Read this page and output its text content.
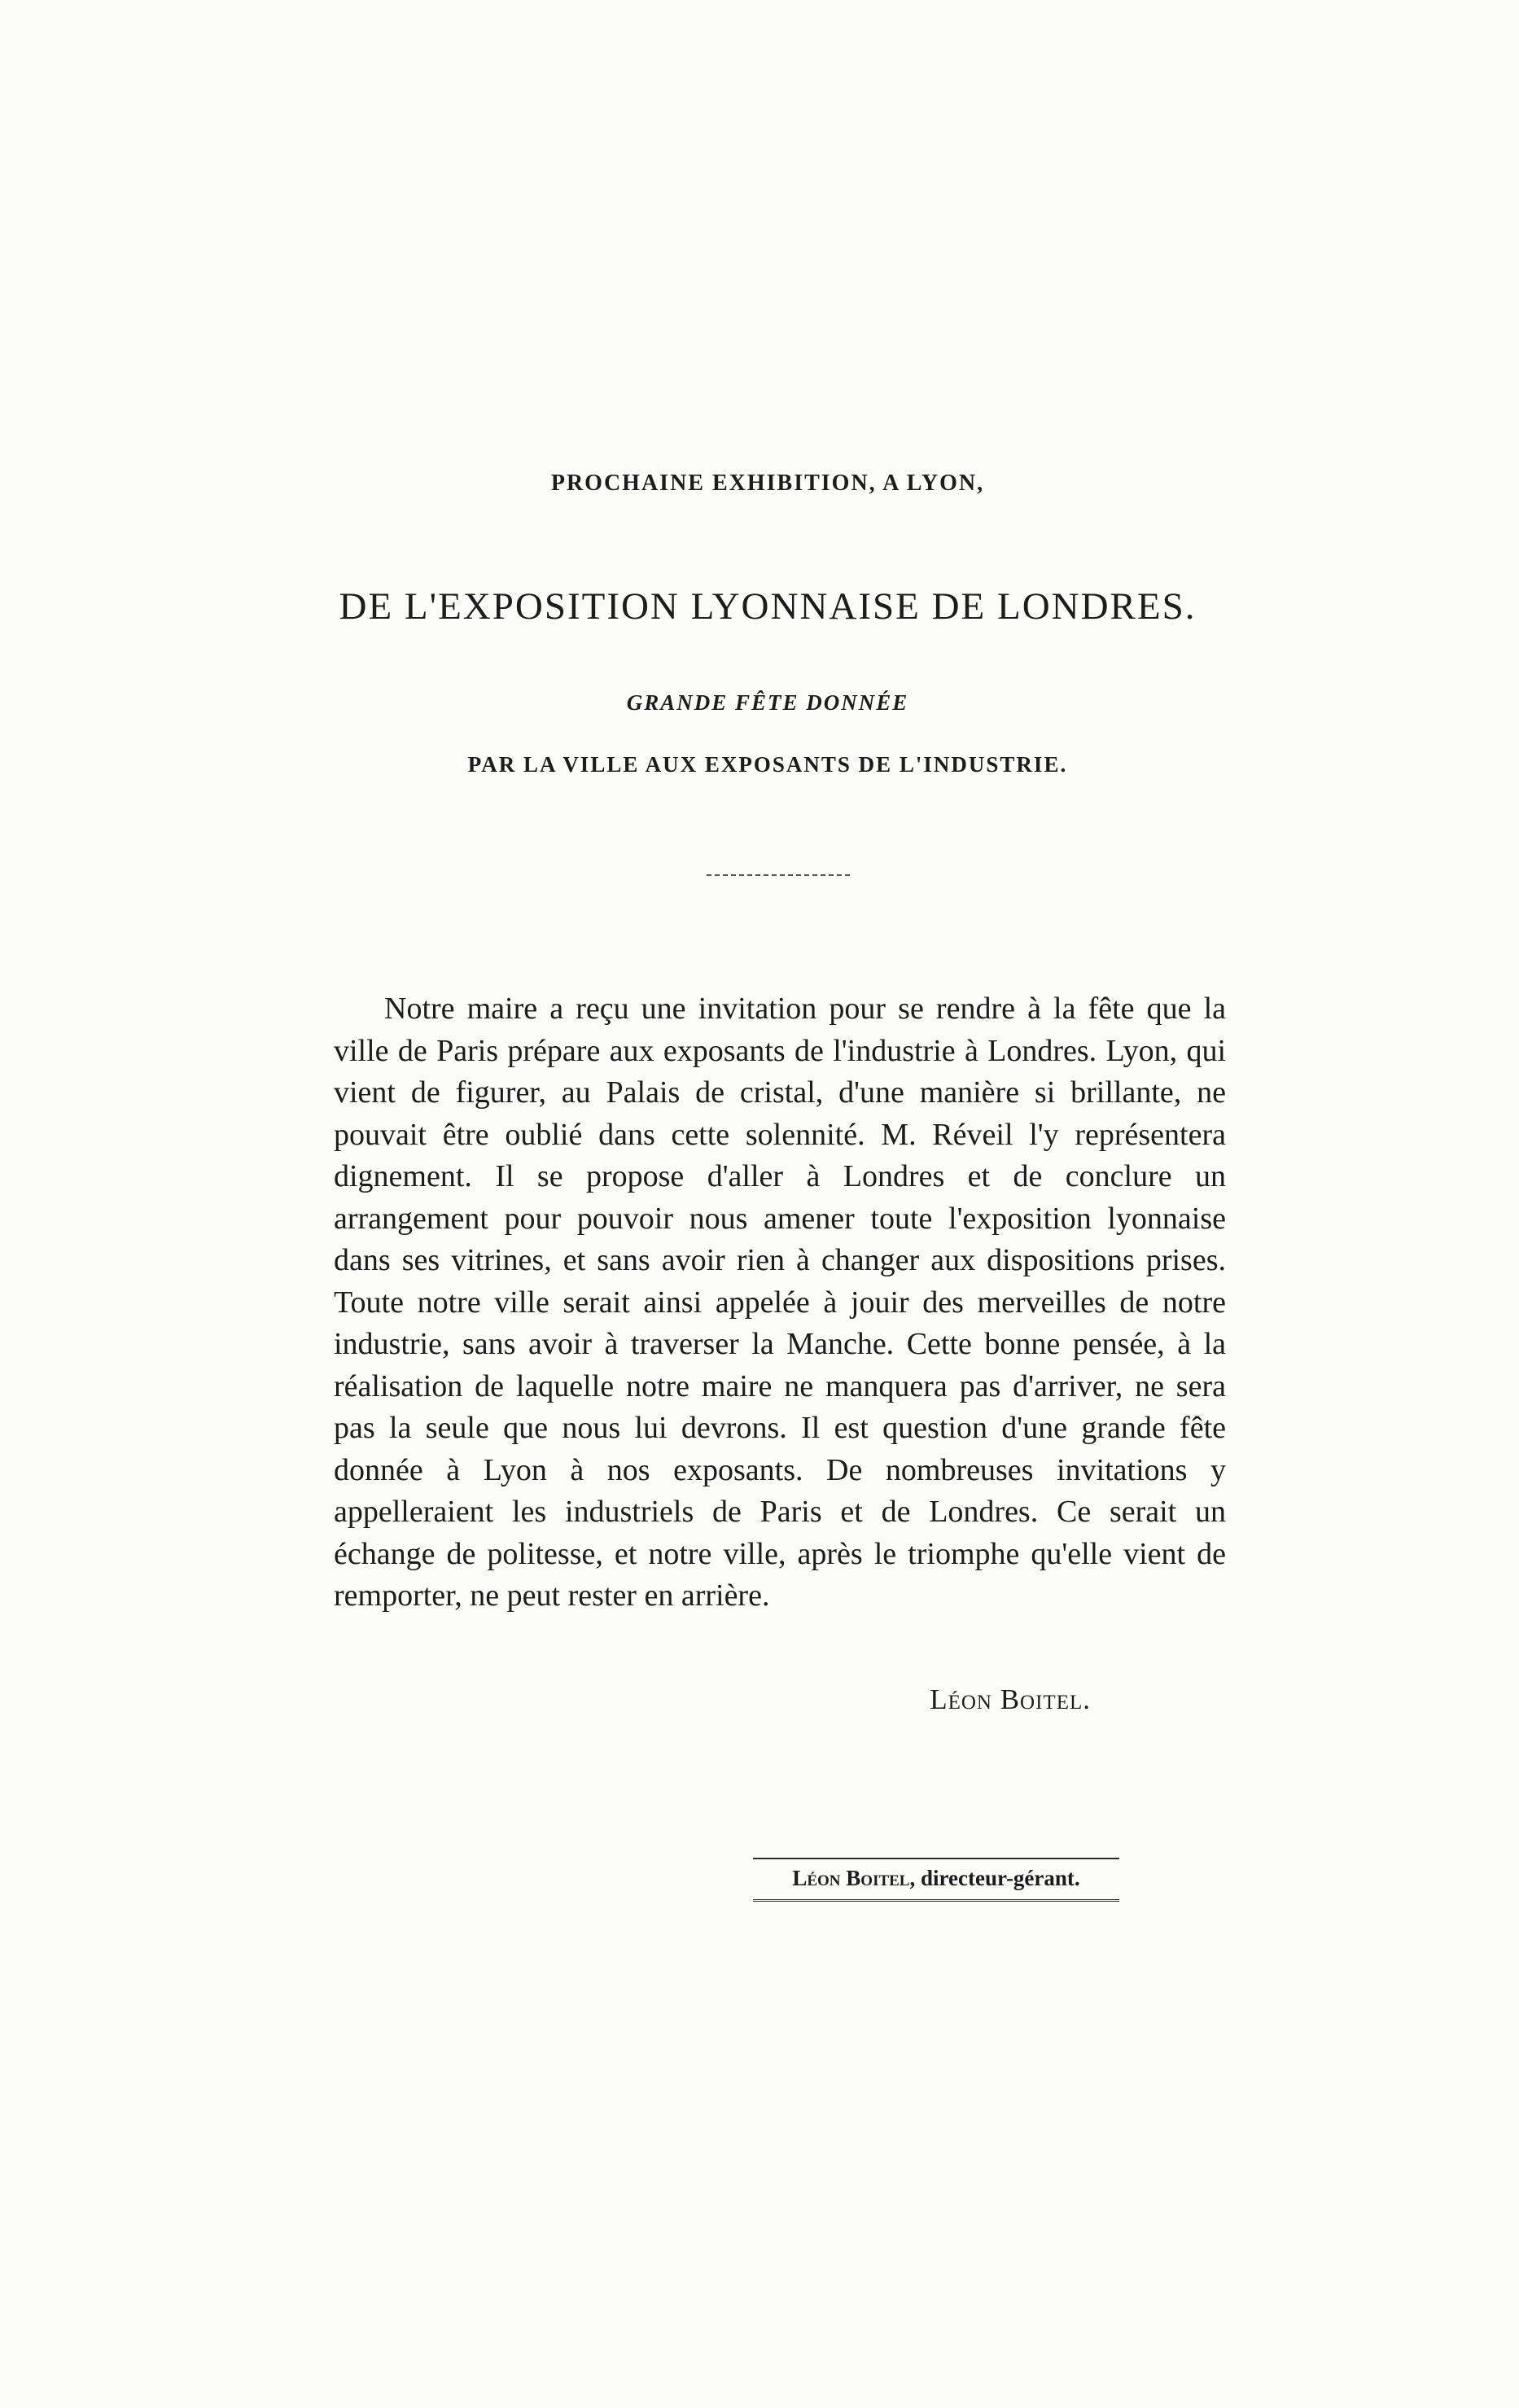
PROCHAINE EXHIBITION, A LYON,
DE L'EXPOSITION LYONNAISE DE LONDRES.
GRANDE FÊTE DONNÉE
PAR LA VILLE AUX EXPOSANTS DE L'INDUSTRIE.

Notre maire a reçu une invitation pour se rendre à la fête que la ville de Paris prépare aux exposants de l'industrie à Londres. Lyon, qui vient de figurer, au Palais de cristal, d'une manière si brillante, ne pouvait être oublié dans cette solennité. M. Réveil l'y représentera dignement. Il se propose d'aller à Londres et de conclure un arrangement pour pouvoir nous amener toute l'exposition lyonnaise dans ses vitrines, et sans avoir rien à changer aux dispositions prises. Toute notre ville serait ainsi appelée à jouir des merveilles de notre industrie, sans avoir à traverser la Manche. Cette bonne pensée, à la réalisation de laquelle notre maire ne manquera pas d'arriver, ne sera pas la seule que nous lui devrons. Il est question d'une grande fête donnée à Lyon à nos exposants. De nombreuses invitations y appelleraient les industriels de Paris et de Londres. Ce serait un échange de politesse, et notre ville, après le triomphe qu'elle vient de remporter, ne peut rester en arrière.

Léon Boitel.
Léon Boitel, directeur-gérant.
